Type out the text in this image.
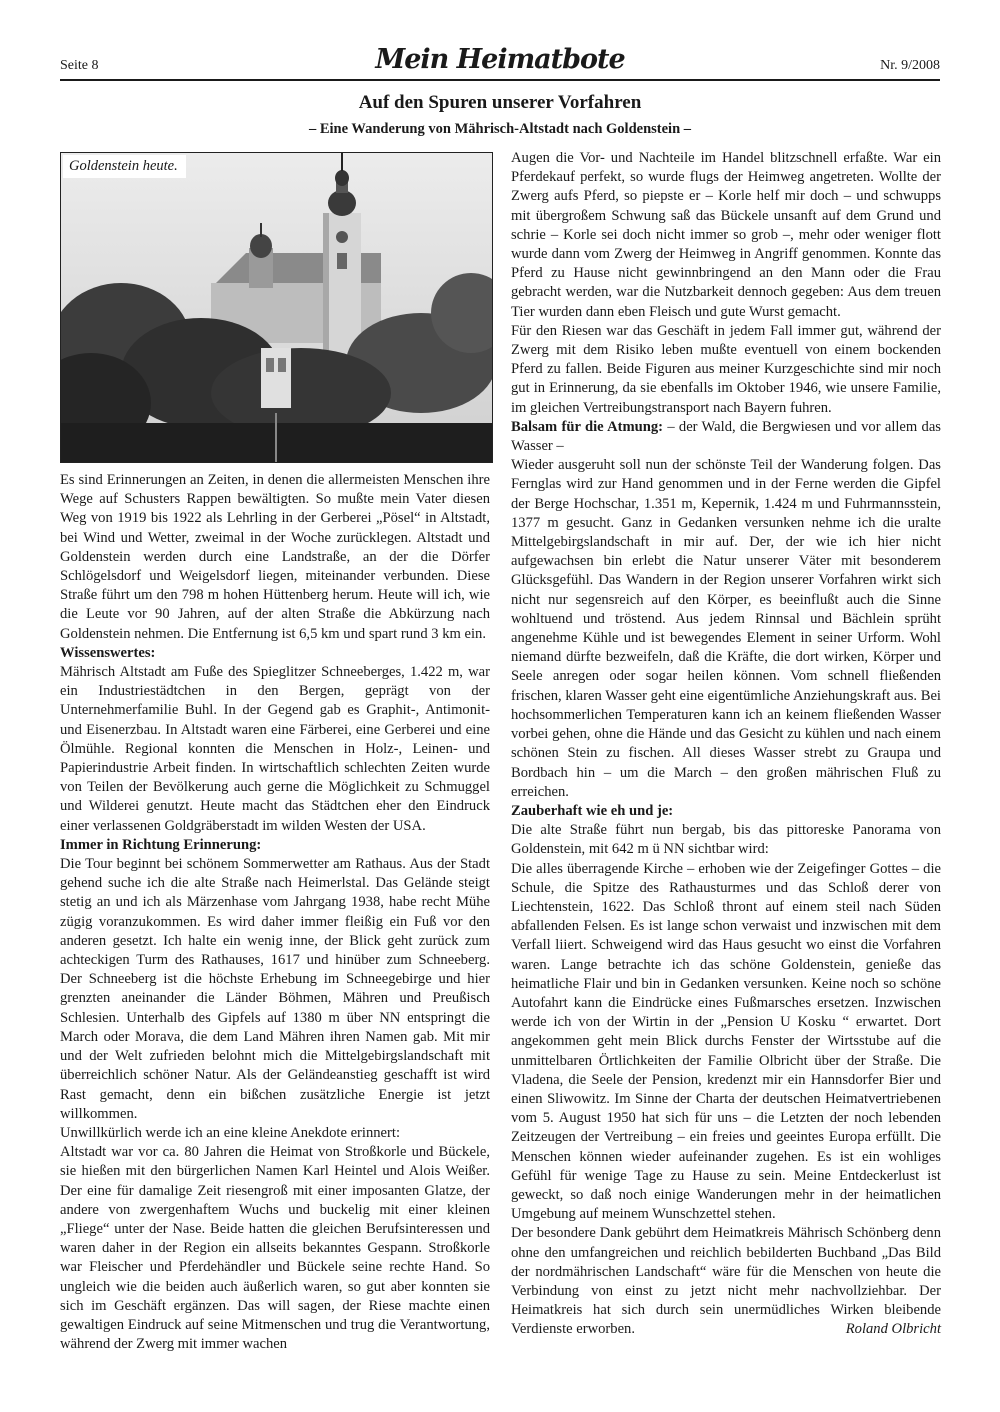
Seite 8	Mein Heimatbote	Nr. 9/2008
Auf den Spuren unserer Vorfahren
– Eine Wanderung von Mährisch-Altstadt nach Goldenstein –
Goldenstein heute.

Es sind Erinnerungen an Zeiten, in denen die allermeisten Menschen ihre Wege auf Schusters Rappen bewältigten. So mußte mein Vater diesen Weg von 1919 bis 1922 als Lehrling in der Gerberei „Pösel“ in Altstadt, bei Wind und Wetter, zweimal in der Woche zurücklegen. Altstadt und Goldenstein werden durch eine Landstraße, an der die Dörfer Schlögelsdorf und Weigelsdorf liegen, miteinander verbunden. Diese Straße führt um den 798 m hohen Hüttenberg herum. Heute will ich, wie die Leute vor 90 Jahren, auf der alten Straße die Abkürzung nach Goldenstein nehmen. Die Entfernung ist 6,5 km und spart rund 3 km ein.

Wissenswertes:

Mährisch Altstadt am Fuße des Spieglitzer Schneeberges, 1.422 m, war ein Industriestädtchen in den Bergen, geprägt von der Unternehmerfamilie Buhl. In der Gegend gab es Graphit-, Antimonit- und Eisenerzbau. In Altstadt waren eine Färberei, eine Gerberei und eine Ölmühle. Regional konnten die Menschen in Holz-, Leinen- und Papierindustrie Arbeit finden. In wirtschaftlich schlechten Zeiten wurde von Teilen der Bevölkerung auch gerne die Möglichkeit zu Schmuggel und Wilderei genutzt. Heute macht das Städtchen eher den Eindruck einer verlassenen Goldgräberstadt im wilden Westen der USA.

Immer in Richtung Erinnerung:

Die Tour beginnt bei schönem Sommerwetter am Rathaus. Aus der Stadt gehend suche ich die alte Straße nach Heimerlstal. Das Gelände steigt stetig an und ich als Märzenhase vom Jahrgang 1938, habe recht Mühe zügig voranzukommen. Es wird daher immer fleißig ein Fuß vor den anderen gesetzt. Ich halte ein wenig inne, der Blick geht zurück zum achteckigen Turm des Rathauses, 1617 und hinüber zum Schneeberg. Der Schneeberg ist die höchste Erhebung im Schneegebirge und hier grenzten aneinander die Länder Böhmen, Mähren und Preußisch Schlesien. Unterhalb des Gipfels auf 1380 m über NN entspringt die March oder Morava, die dem Land Mähren ihren Namen gab. Mit mir und der Welt zufrieden belohnt mich die Mittelgebirgslandschaft mit überreichlich schöner Natur. Als der Geländeanstieg geschafft ist wird Rast gemacht, denn ein bißchen zusätzliche Energie ist jetzt willkommen.

Unwillkürlich werde ich an eine kleine Anekdote erinnert:

Altstadt war vor ca. 80 Jahren die Heimat von Stroßkorle und Bückele, sie hießen mit den bürgerlichen Namen Karl Heintel und Alois Weißer. Der eine für damalige Zeit riesengroß mit einer imposanten Glatze, der andere von zwergenhaftem Wuchs und buckelig mit einer kleinen „Fliege“ unter der Nase. Beide hatten die gleichen Berufsinteressen und waren daher in der Region ein allseits bekanntes Gespann. Stroßkorle war Fleischer und Pferdehändler und Bückele seine rechte Hand. So ungleich wie die beiden auch äußerlich waren, so gut aber konnten sie sich im Geschäft ergänzen. Das will sagen, der Riese machte einen gewaltigen Eindruck auf seine Mitmenschen und trug die Verantwortung, während der Zwerg mit immer wachen

Augen die Vor- und Nachteile im Handel blitzschnell erfaßte. War ein Pferdekauf perfekt, so wurde flugs der Heimweg angetreten. Wollte der Zwerg aufs Pferd, so piepste er – Korle helf mir doch – und schwupps mit übergroßem Schwung saß das Bückele unsanft auf dem Grund und schrie – Korle sei doch nicht immer so grob –, mehr oder weniger flott wurde dann vom Zwerg der Heimweg in Angriff genommen. Konnte das Pferd zu Hause nicht gewinnbringend an den Mann oder die Frau gebracht werden, war die Nutzbarkeit dennoch gegeben: Aus dem treuen Tier wurden dann eben Fleisch und gute Wurst gemacht.

Für den Riesen war das Geschäft in jedem Fall immer gut, während der Zwerg mit dem Risiko leben mußte eventuell von einem bockenden Pferd zu fallen. Beide Figuren aus meiner Kurzgeschichte sind mir noch gut in Erinnerung, da sie ebenfalls im Oktober 1946, wie unsere Familie, im gleichen Vertreibungstransport nach Bayern fuhren.

Balsam für die Atmung: – der Wald, die Bergwiesen und vor allem das Wasser –

Wieder ausgeruht soll nun der schönste Teil der Wanderung folgen. Das Fernglas wird zur Hand genommen und in der Ferne werden die Gipfel der Berge Hochschar, 1.351 m, Kepernik, 1.424 m und Fuhrmannsstein, 1377 m gesucht. Ganz in Gedanken versunken nehme ich die uralte Mittelgebirgslandschaft in mir auf. Der, der wie ich hier nicht aufgewachsen bin erlebt die Natur unserer Väter mit besonderem Glücksgefühl. Das Wandern in der Region unserer Vorfahren wirkt sich nicht nur segensreich auf den Körper, es beeinflußt auch die Sinne wohltuend und tröstend. Aus jedem Rinnsal und Bächlein sprüht angenehme Kühle und ist bewegendes Element in seiner Urform. Wohl niemand dürfte bezweifeln, daß die Kräfte, die dort wirken, Körper und Seele anregen oder sogar heilen können. Vom schnell fließenden frischen, klaren Wasser geht eine eigentümliche Anziehungskraft aus. Bei hochsommerlichen Temperaturen kann ich an keinem fließenden Wasser vorbei gehen, ohne die Hände und das Gesicht zu kühlen und nach einem schönen Stein zu fischen. All dieses Wasser strebt zu Graupa und Bordbach hin – um die March – den großen mährischen Fluß zu erreichen.

Zauberhaft wie eh und je:

Die alte Straße führt nun bergab, bis das pittoreske Panorama von Goldenstein, mit 642 m ü NN sichtbar wird:

Die alles überragende Kirche – erhoben wie der Zeigefinger Gottes – die Schule, die Spitze des Rathausturmes und das Schloß derer von Liechtenstein, 1622. Das Schloß thront auf einem steil nach Süden abfallenden Felsen. Es ist lange schon verwaist und inzwischen mit dem Verfall liiert. Schweigend wird das Haus gesucht wo einst die Vorfahren waren. Lange betrachte ich das schöne Goldenstein, genieße das heimatliche Flair und bin in Gedanken versunken. Keine noch so schöne Autofahrt kann die Eindrücke eines Fußmarsches ersetzen. Inzwischen werde ich von der Wirtin in der „Pension U Kosku “ erwartet. Dort angekommen geht mein Blick durchs Fenster der Wirtsstube auf die unmittelbaren Örtlichkeiten der Familie Olbricht über der Straße. Die Vladena, die Seele der Pension, kredenzt mir ein Hannsdorfer Bier und einen Sliwowitz. Im Sinne der Charta der deutschen Heimatvertriebenen vom 5. August 1950 hat sich für uns – die Letzten der noch lebenden Zeitzeugen der Vertreibung – ein freies und geeintes Europa erfüllt. Die Menschen können wieder aufeinander zugehen. Es ist ein wohliges Gefühl für wenige Tage zu Hause zu sein. Meine Entdeckerlust ist geweckt, so daß noch einige Wanderungen mehr in der heimatlichen Umgebung auf meinem Wunschzettel stehen.

Der besondere Dank gebührt dem Heimatkreis Mährisch Schönberg denn ohne den umfangreichen und reichlich bebilderten Buchband „Das Bild der nordmährischen Landschaft“ wäre für die Menschen von heute die Verbindung von einst zu jetzt nicht mehr nachvollziehbar. Der Heimatkreis hat sich durch sein unermüdliches Wirken bleibende Verdienste erworben.	Roland Olbricht
